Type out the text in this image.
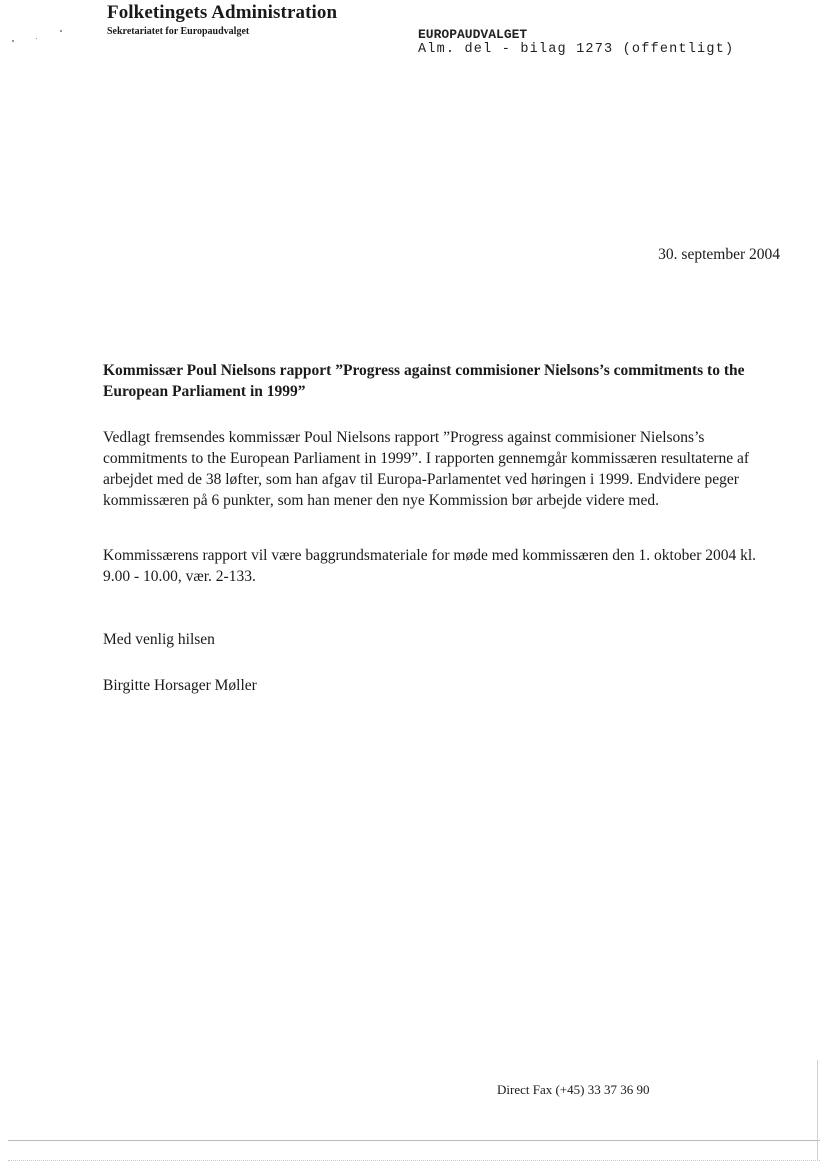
Folketingets Administration
Sekretariatet for Europaudvalget	EUROPAUDVALGET
Alm. del - bilag 1273 (offentligt)
30. september 2004
Kommissær Poul Nielsons rapport ”Progress against commisioner Nielsons’s commitments to the European Parliament in 1999”

Vedlagt fremsendes kommissær Poul Nielsons rapport ”Progress against commisioner Nielsons’s commitments to the European Parliament in 1999”. I rapporten gennemgår kommissæren resultaterne af arbejdet med de 38 løfter, som han afgav til Europa-Parlamentet ved høringen i 1999. Endvidere peger kommissæren på 6 punkter, som han mener den nye Kommission bør arbejde videre med.

Kommissærens rapport vil være baggrundsmateriale for møde med kommissæren den 1. oktober 2004 kl. 9.00 - 10.00, vær. 2-133.

Med venlig hilsen
Birgitte Horsager Møller
Direct Fax (+45) 33 37 36 90
